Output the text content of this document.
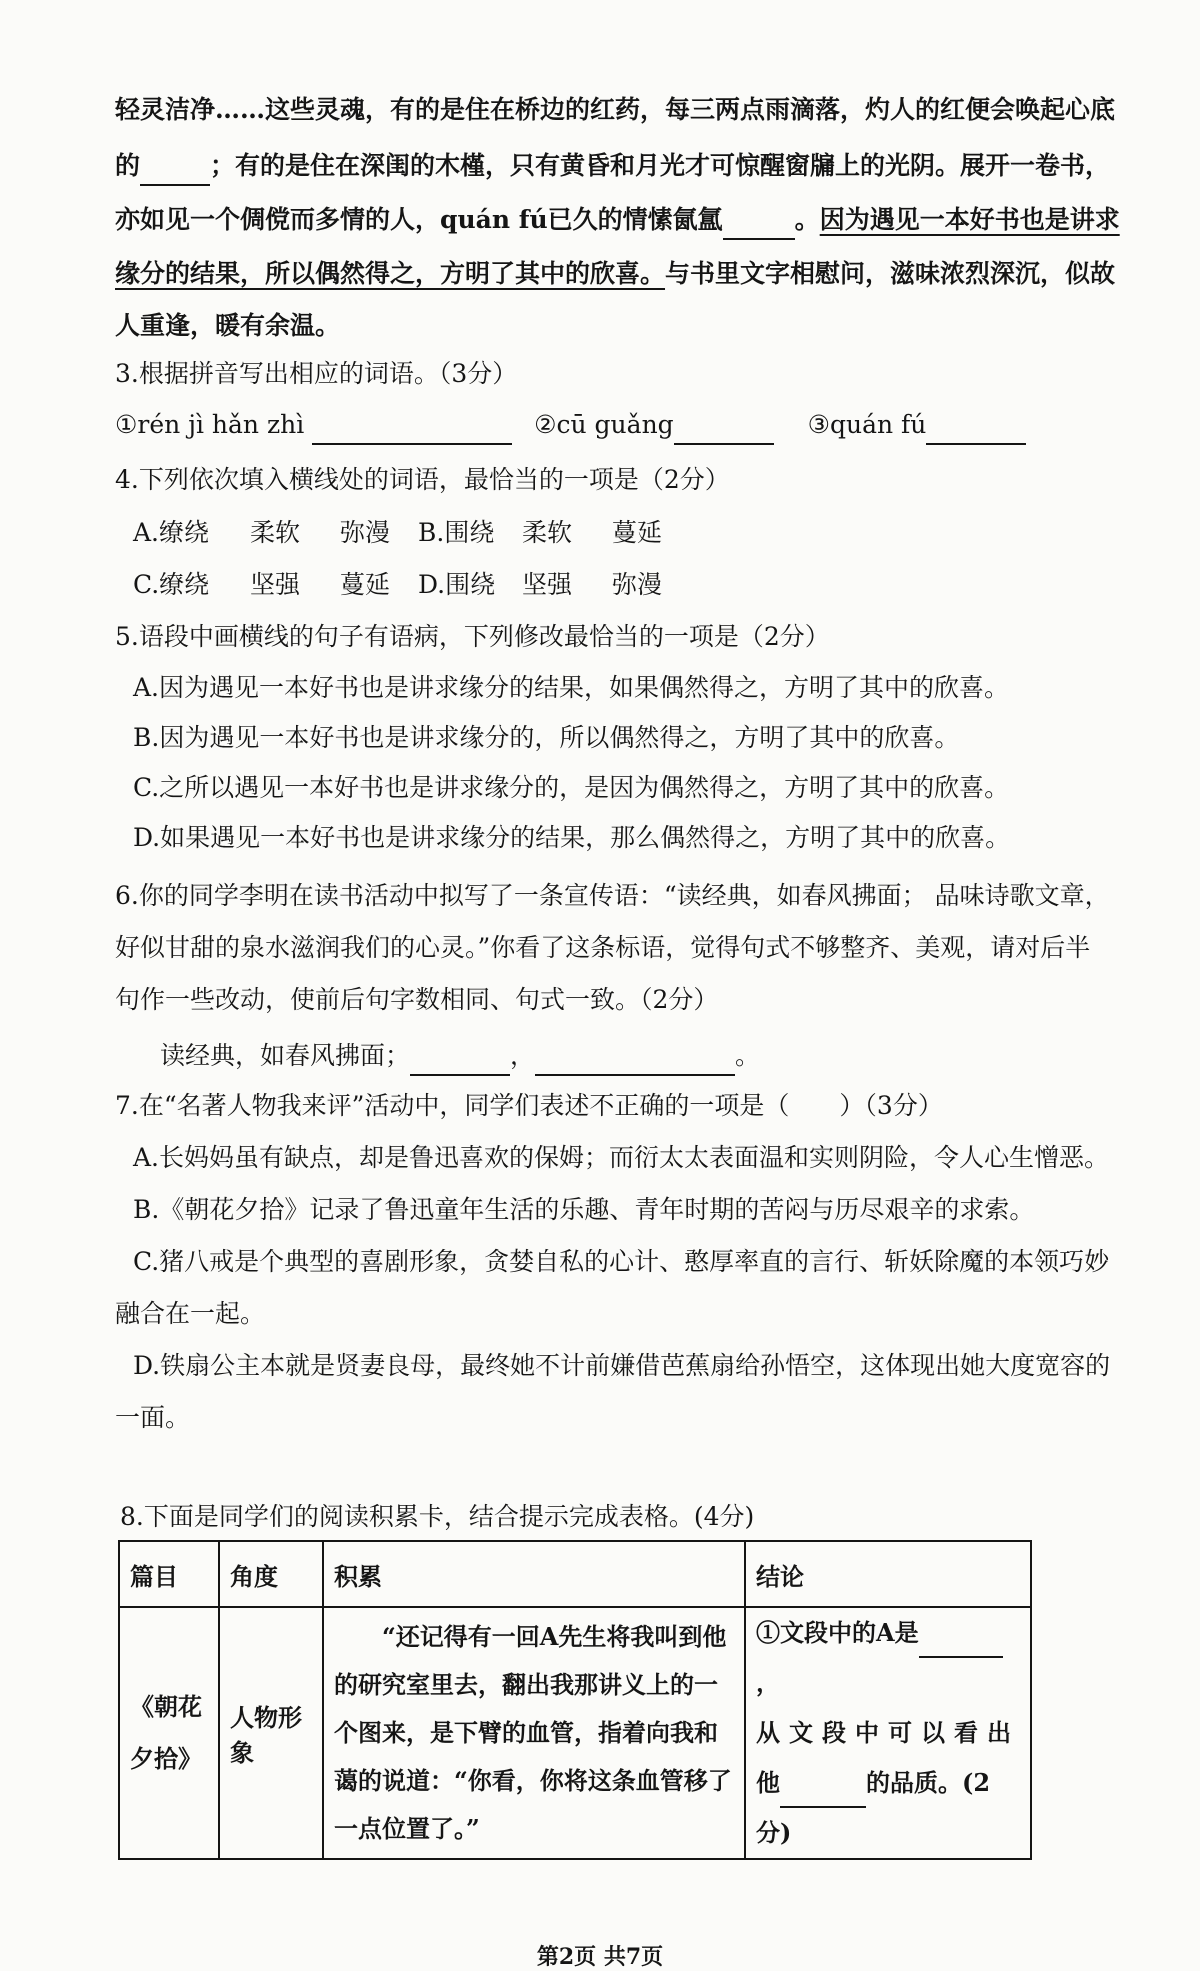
轻灵洁净……这些灵魂，有的是住在桥边的红药，每三两点雨滴落，灼人的红便会唤起心底
的	；有的是住在深闺的木槿，只有黄昏和月光才可惊醒窗牖上的光阴。展开一卷书，
亦如见一个倜傥而多情的人，quán fú已久的情愫氤氲	。因为遇见一本好书也是讲求
缘分的结果，所以偶然得之，方明了其中的欣喜。与书里文字相慰问，滋味浓烈深沉，似故
人重逢，暖有余温。
3.根据拼音写出相应的词语。（3分）
①rén jì hǎn zhì	②cū guǎng	③quán fú
4.下列依次填入横线处的词语，最恰当的一项是（2分）
A.缭绕 柔软 弥漫 B.围绕 柔软 蔓延
C.缭绕 坚强 蔓延 D.围绕 坚强 弥漫
5.语段中画横线的句子有语病，下列修改最恰当的一项是（2分）
A.因为遇见一本好书也是讲求缘分的结果，如果偶然得之，方明了其中的欣喜。
B.因为遇见一本好书也是讲求缘分的，所以偶然得之，方明了其中的欣喜。
C.之所以遇见一本好书也是讲求缘分的，是因为偶然得之，方明了其中的欣喜。
D.如果遇见一本好书也是讲求缘分的结果，那么偶然得之，方明了其中的欣喜。
6.你的同学李明在读书活动中拟写了一条宣传语：“读经典，如春风拂面； 品味诗歌文章，
好似甘甜的泉水滋润我们的心灵。”你看了这条标语，觉得句式不够整齐、美观，请对后半
句作一些改动，使前后句字数相同、句式一致。（2分）
读经典，如春风拂面；	，	。
7.在“名著人物我来评”活动中，同学们表述不正确的一项是（　　）（3分）
A.长妈妈虽有缺点，却是鲁迅喜欢的保姆；而衍太太表面温和实则阴险，令人心生憎恶。
B.《朝花夕拾》记录了鲁迅童年生活的乐趣、青年时期的苦闷与历尽艰辛的求索。
C.猪八戒是个典型的喜剧形象，贪婪自私的心计、憨厚率直的言行、斩妖除魔的本领巧妙
融合在一起。
D.铁扇公主本就是贤妻良母，最终她不计前嫌借芭蕉扇给孙悟空，这体现出她大度宽容的
一面。
8.下面是同学们的阅读积累卡，结合提示完成表格。(4分)
篇目	角度	积累	结论
《朝花夕拾》	人物形象	“还记得有一回A先生将我叫到他的研究室里去，翻出我那讲义上的一个图来，是下臂的血管，指着向我和蔼的说道：“你看，你将这条血管移了一点位置了。”	①文段中的A是，
从文段中可以看出
他 的品质。(2分)
第2页 共7页
